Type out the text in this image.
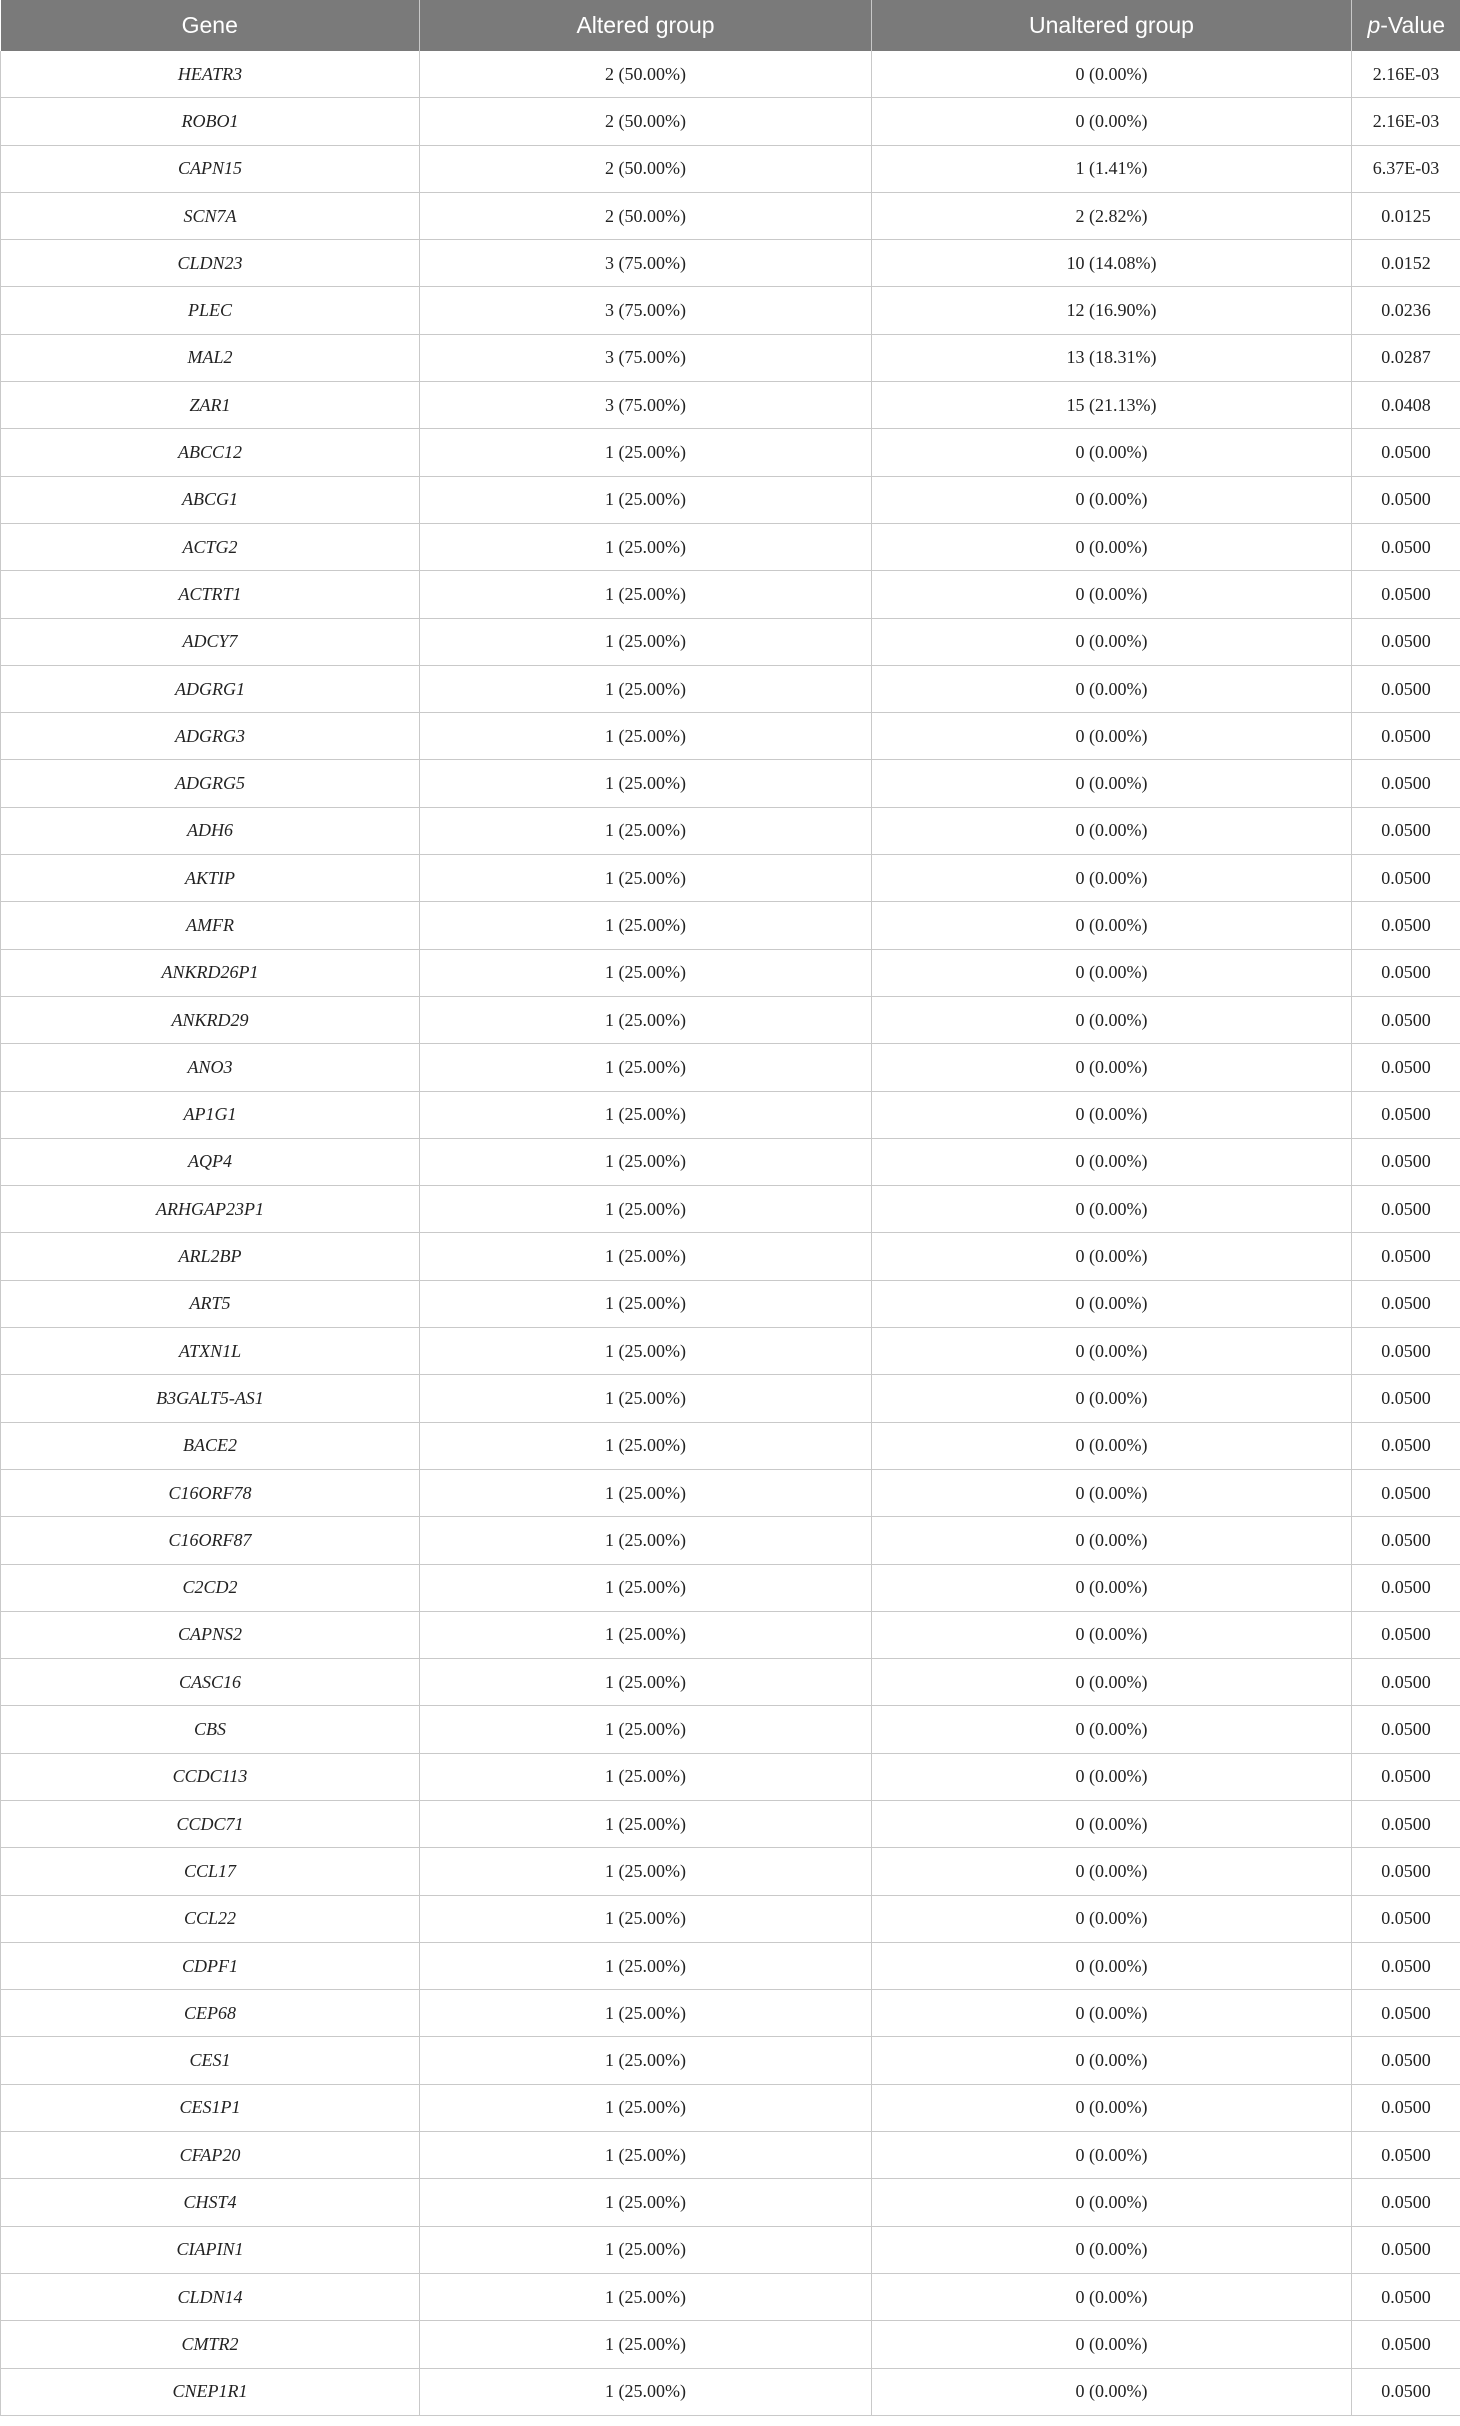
Gene	Altered group	Unaltered group	p-Value
HEATR3	2 (50.00%)	0 (0.00%)	2.16E-03
ROBO1	2 (50.00%)	0 (0.00%)	2.16E-03
CAPN15	2 (50.00%)	1 (1.41%)	6.37E-03
SCN7A	2 (50.00%)	2 (2.82%)	0.0125
CLDN23	3 (75.00%)	10 (14.08%)	0.0152
PLEC	3 (75.00%)	12 (16.90%)	0.0236
MAL2	3 (75.00%)	13 (18.31%)	0.0287
ZAR1	3 (75.00%)	15 (21.13%)	0.0408
ABCC12	1 (25.00%)	0 (0.00%)	0.0500
ABCG1	1 (25.00%)	0 (0.00%)	0.0500
ACTG2	1 (25.00%)	0 (0.00%)	0.0500
ACTRT1	1 (25.00%)	0 (0.00%)	0.0500
ADCY7	1 (25.00%)	0 (0.00%)	0.0500
ADGRG1	1 (25.00%)	0 (0.00%)	0.0500
ADGRG3	1 (25.00%)	0 (0.00%)	0.0500
ADGRG5	1 (25.00%)	0 (0.00%)	0.0500
ADH6	1 (25.00%)	0 (0.00%)	0.0500
AKTIP	1 (25.00%)	0 (0.00%)	0.0500
AMFR	1 (25.00%)	0 (0.00%)	0.0500
ANKRD26P1	1 (25.00%)	0 (0.00%)	0.0500
ANKRD29	1 (25.00%)	0 (0.00%)	0.0500
ANO3	1 (25.00%)	0 (0.00%)	0.0500
AP1G1	1 (25.00%)	0 (0.00%)	0.0500
AQP4	1 (25.00%)	0 (0.00%)	0.0500
ARHGAP23P1	1 (25.00%)	0 (0.00%)	0.0500
ARL2BP	1 (25.00%)	0 (0.00%)	0.0500
ART5	1 (25.00%)	0 (0.00%)	0.0500
ATXN1L	1 (25.00%)	0 (0.00%)	0.0500
B3GALT5-AS1	1 (25.00%)	0 (0.00%)	0.0500
BACE2	1 (25.00%)	0 (0.00%)	0.0500
C16ORF78	1 (25.00%)	0 (0.00%)	0.0500
C16ORF87	1 (25.00%)	0 (0.00%)	0.0500
C2CD2	1 (25.00%)	0 (0.00%)	0.0500
CAPNS2	1 (25.00%)	0 (0.00%)	0.0500
CASC16	1 (25.00%)	0 (0.00%)	0.0500
CBS	1 (25.00%)	0 (0.00%)	0.0500
CCDC113	1 (25.00%)	0 (0.00%)	0.0500
CCDC71	1 (25.00%)	0 (0.00%)	0.0500
CCL17	1 (25.00%)	0 (0.00%)	0.0500
CCL22	1 (25.00%)	0 (0.00%)	0.0500
CDPF1	1 (25.00%)	0 (0.00%)	0.0500
CEP68	1 (25.00%)	0 (0.00%)	0.0500
CES1	1 (25.00%)	0 (0.00%)	0.0500
CES1P1	1 (25.00%)	0 (0.00%)	0.0500
CFAP20	1 (25.00%)	0 (0.00%)	0.0500
CHST4	1 (25.00%)	0 (0.00%)	0.0500
CIAPIN1	1 (25.00%)	0 (0.00%)	0.0500
CLDN14	1 (25.00%)	0 (0.00%)	0.0500
CMTR2	1 (25.00%)	0 (0.00%)	0.0500
CNEP1R1	1 (25.00%)	0 (0.00%)	0.0500
